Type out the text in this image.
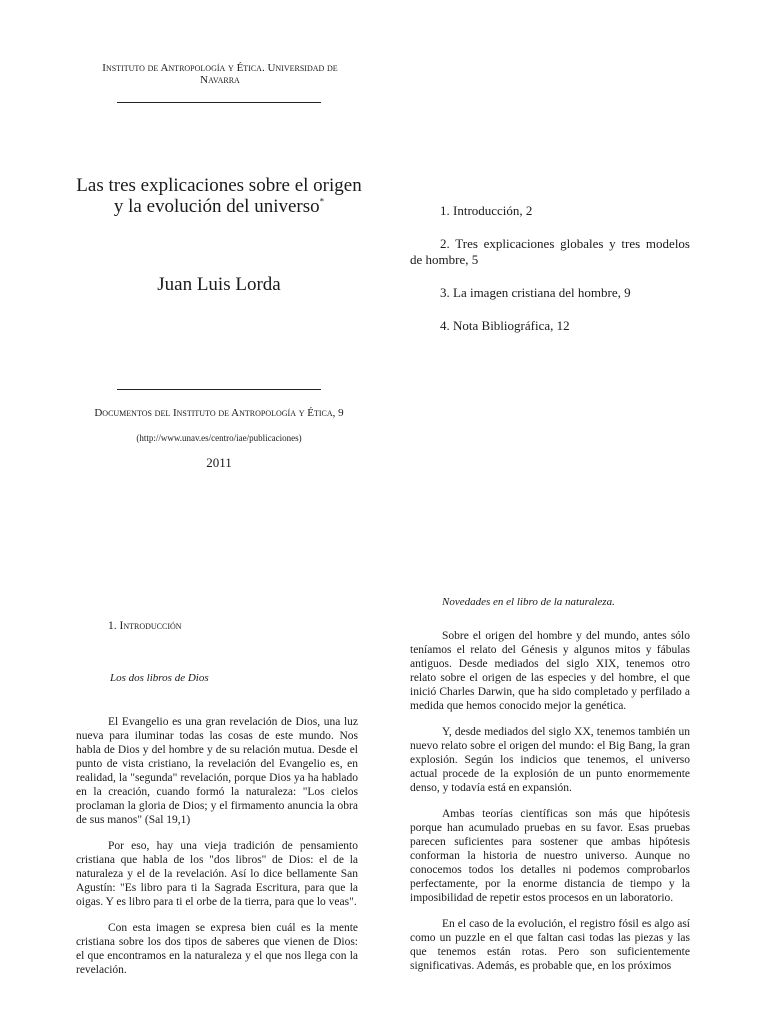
Instituto de Antropología y Ética. Universidad de Navarra
Las tres explicaciones sobre el origen y la evolución del universo*
Juan Luis Lorda
Documentos del Instituto de Antropología y Ética, 9
(http://www.unav.es/centro/iae/publicaciones)
2011
1. Introducción, 2
2. Tres explicaciones globales y tres modelos de hombre, 5
3. La imagen cristiana del hombre, 9
4. Nota Bibliográfica, 12
1. Introducción
Los dos libros de Dios

El Evangelio es una gran revelación de Dios, una luz nueva para iluminar todas las cosas de este mundo. Nos habla de Dios y del hombre y de su relación mutua. Desde el punto de vista cristiano, la revelación del Evangelio es, en realidad, la "segunda" revelación, porque Dios ya ha hablado en la creación, cuando formó la naturaleza: "Los cielos proclaman la gloria de Dios; y el firmamento anuncia la obra de sus manos" (Sal 19,1)

Por eso, hay una vieja tradición de pensamiento cristiana que habla de los "dos libros" de Dios: el de la naturaleza y el de la revelación. Así lo dice bellamente San Agustín: "Es libro para ti la Sagrada Escritura, para que la oigas. Y es libro para ti el orbe de la tierra, para que lo veas".

Con esta imagen se expresa bien cuál es la mente cristiana sobre los dos tipos de saberes que vienen de Dios: el que encontramos en la naturaleza y el que nos llega con la revelación.

Novedades en el libro de la naturaleza.

Sobre el origen del hombre y del mundo, antes sólo teníamos el relato del Génesis y algunos mitos y fábulas antiguos. Desde mediados del siglo XIX, tenemos otro relato sobre el origen de las especies y del hombre, el que inició Charles Darwin, que ha sido completado y perfilado a medida que hemos conocido mejor la genética.

Y, desde mediados del siglo XX, tenemos también un nuevo relato sobre el origen del mundo: el Big Bang, la gran explosión. Según los indicios que tenemos, el universo actual procede de la explosión de un punto enormemente denso, y todavía está en expansión.

Ambas teorías científicas son más que hipótesis porque han acumulado pruebas en su favor. Esas pruebas parecen suficientes para sostener que ambas hipótesis conforman la historia de nuestro universo. Aunque no conocemos todos los detalles ni podemos comprobarlos perfectamente, por la enorme distancia de tiempo y la imposibilidad de repetir estos procesos en un laboratorio.

En el caso de la evolución, el registro fósil es algo así como un puzzle en el que faltan casi todas las piezas y las que tenemos están rotas. Pero son suficientemente significativas. Además, es probable que, en los próximos
